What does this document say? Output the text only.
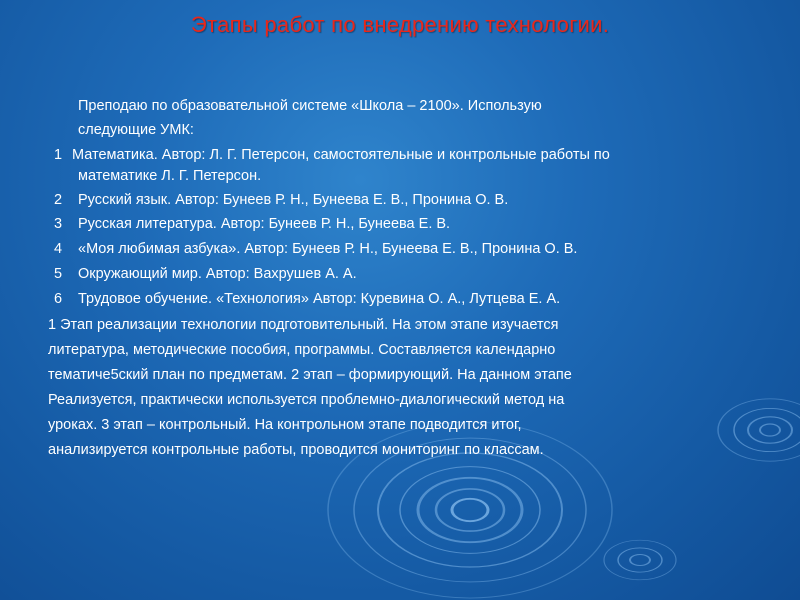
Этапы работ по внедрению технологии.
Преподаю по образовательной системе «Школа – 2100». Использую
следующие УМК:
1 Математика. Автор: Л. Г. Петерсон, самостоятельные и контрольные работы по
математике Л. Г. Петерсон.
2 Русский язык. Автор: Бунеев Р. Н., Бунеева Е. В., Пронина О. В.
3 Русская литература. Автор: Бунеев Р. Н., Бунеева Е. В.
4 «Моя любимая азбука». Автор: Бунеев Р. Н., Бунеева Е. В., Пронина О. В.
5 Окружающий мир. Автор: Вахрушев А. А.
6 Трудовое обучение. «Технология» Автор: Куревина О. А., Лутцева Е. А.
1 Этап реализации технологии подготовительный. На этом этапе изучается
литература, методические пособия, программы. Составляется календарно
тематиче5ский план по предметам. 2 этап – формирующий. На данном этапе
Реализуется, практически используется проблемно-диалогический метод на
уроках. 3 этап – контрольный. На контрольном этапе подводится итог,
анализируется контрольные работы, проводится мониторинг по классам.
